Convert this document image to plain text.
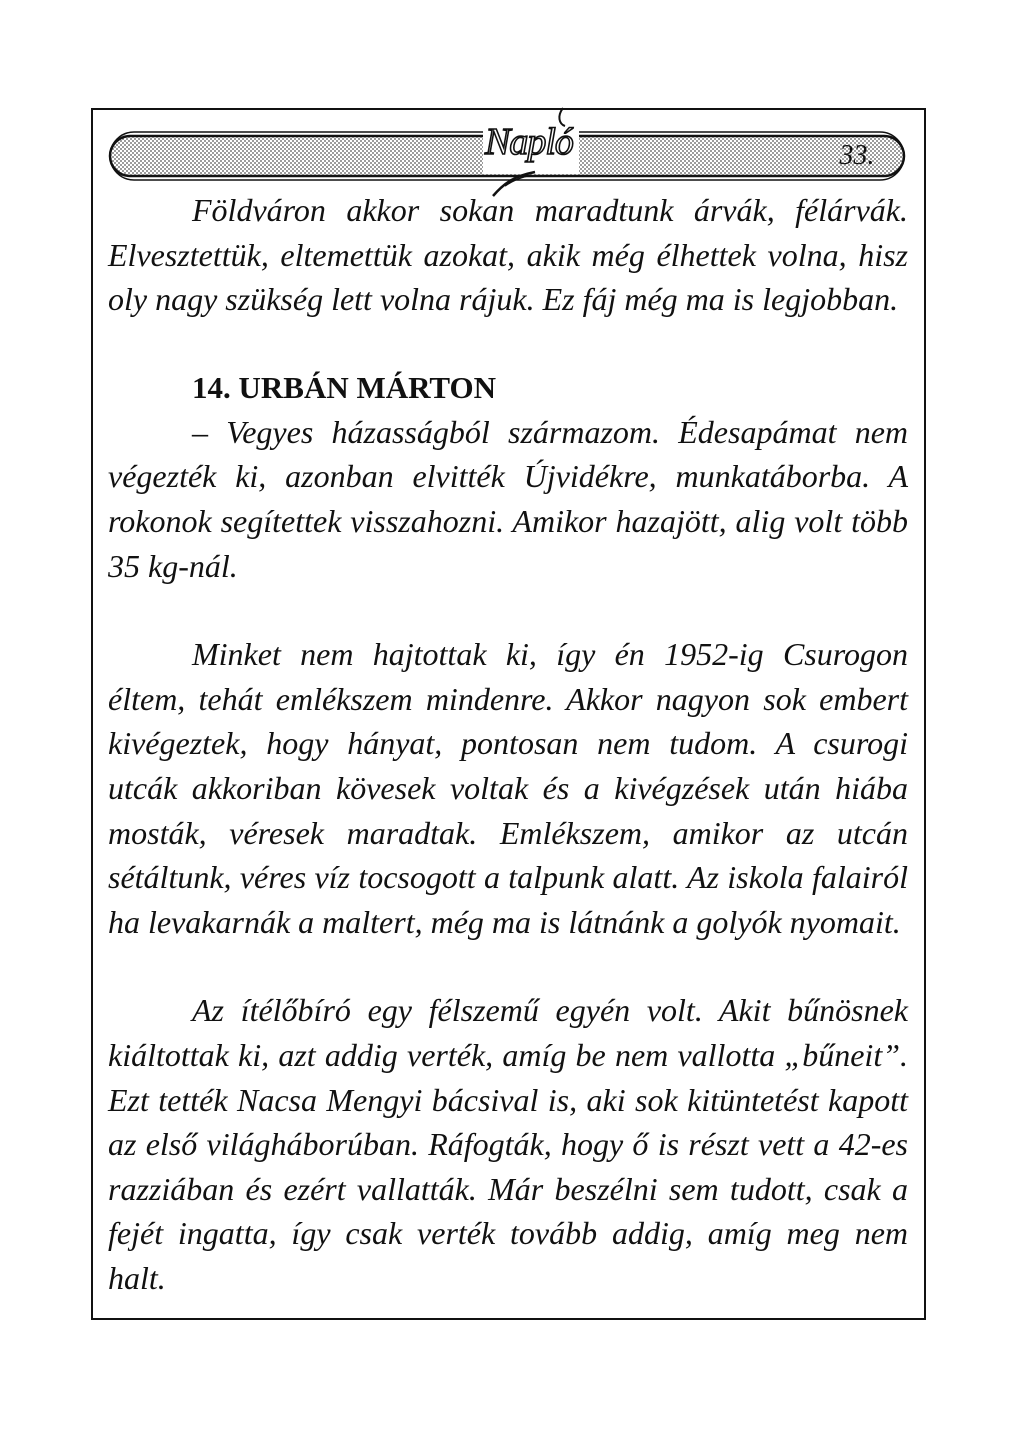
33.
Napló

Földváron akkor sokan maradtunk árvák, félárvák. Elvesztettük, eltemettük azokat, akik még élhettek volna, hisz oly nagy szükség lett volna rájuk. Ez fáj még ma is legjobban.

14. URBÁN MÁRTON

– Vegyes házasságból származom. Édesapámat nem végezték ki, azonban elvitték Újvidékre, munkatáborba. A rokonok segítettek visszahozni. Amikor hazajött, alig volt több 35 kg-nál.

Minket nem hajtottak ki, így én 1952-ig Csurogon éltem, tehát emlékszem mindenre. Akkor nagyon sok embert kivégeztek, hogy hányat, pontosan nem tudom. A csurogi utcák akkoriban kövesek voltak és a kivégzések után hiába mosták, véresek maradtak. Emlékszem, amikor az utcán sétáltunk, véres víz tocsogott a talpunk alatt. Az iskola falairól ha levakarnák a maltert, még ma is látnánk a golyók nyomait.

Az ítélőbíró egy félszemű egyén volt. Akit bűnösnek kiáltottak ki, azt addig verték, amíg be nem vallotta „bűneit”. Ezt tették Nacsa Mengyi bácsival is, aki sok kitüntetést kapott az első világháborúban. Ráfogták, hogy ő is részt vett a 42-es razziában és ezért vallatták. Már beszélni sem tudott, csak a fejét ingatta, így csak verték tovább addig, amíg meg nem halt.
